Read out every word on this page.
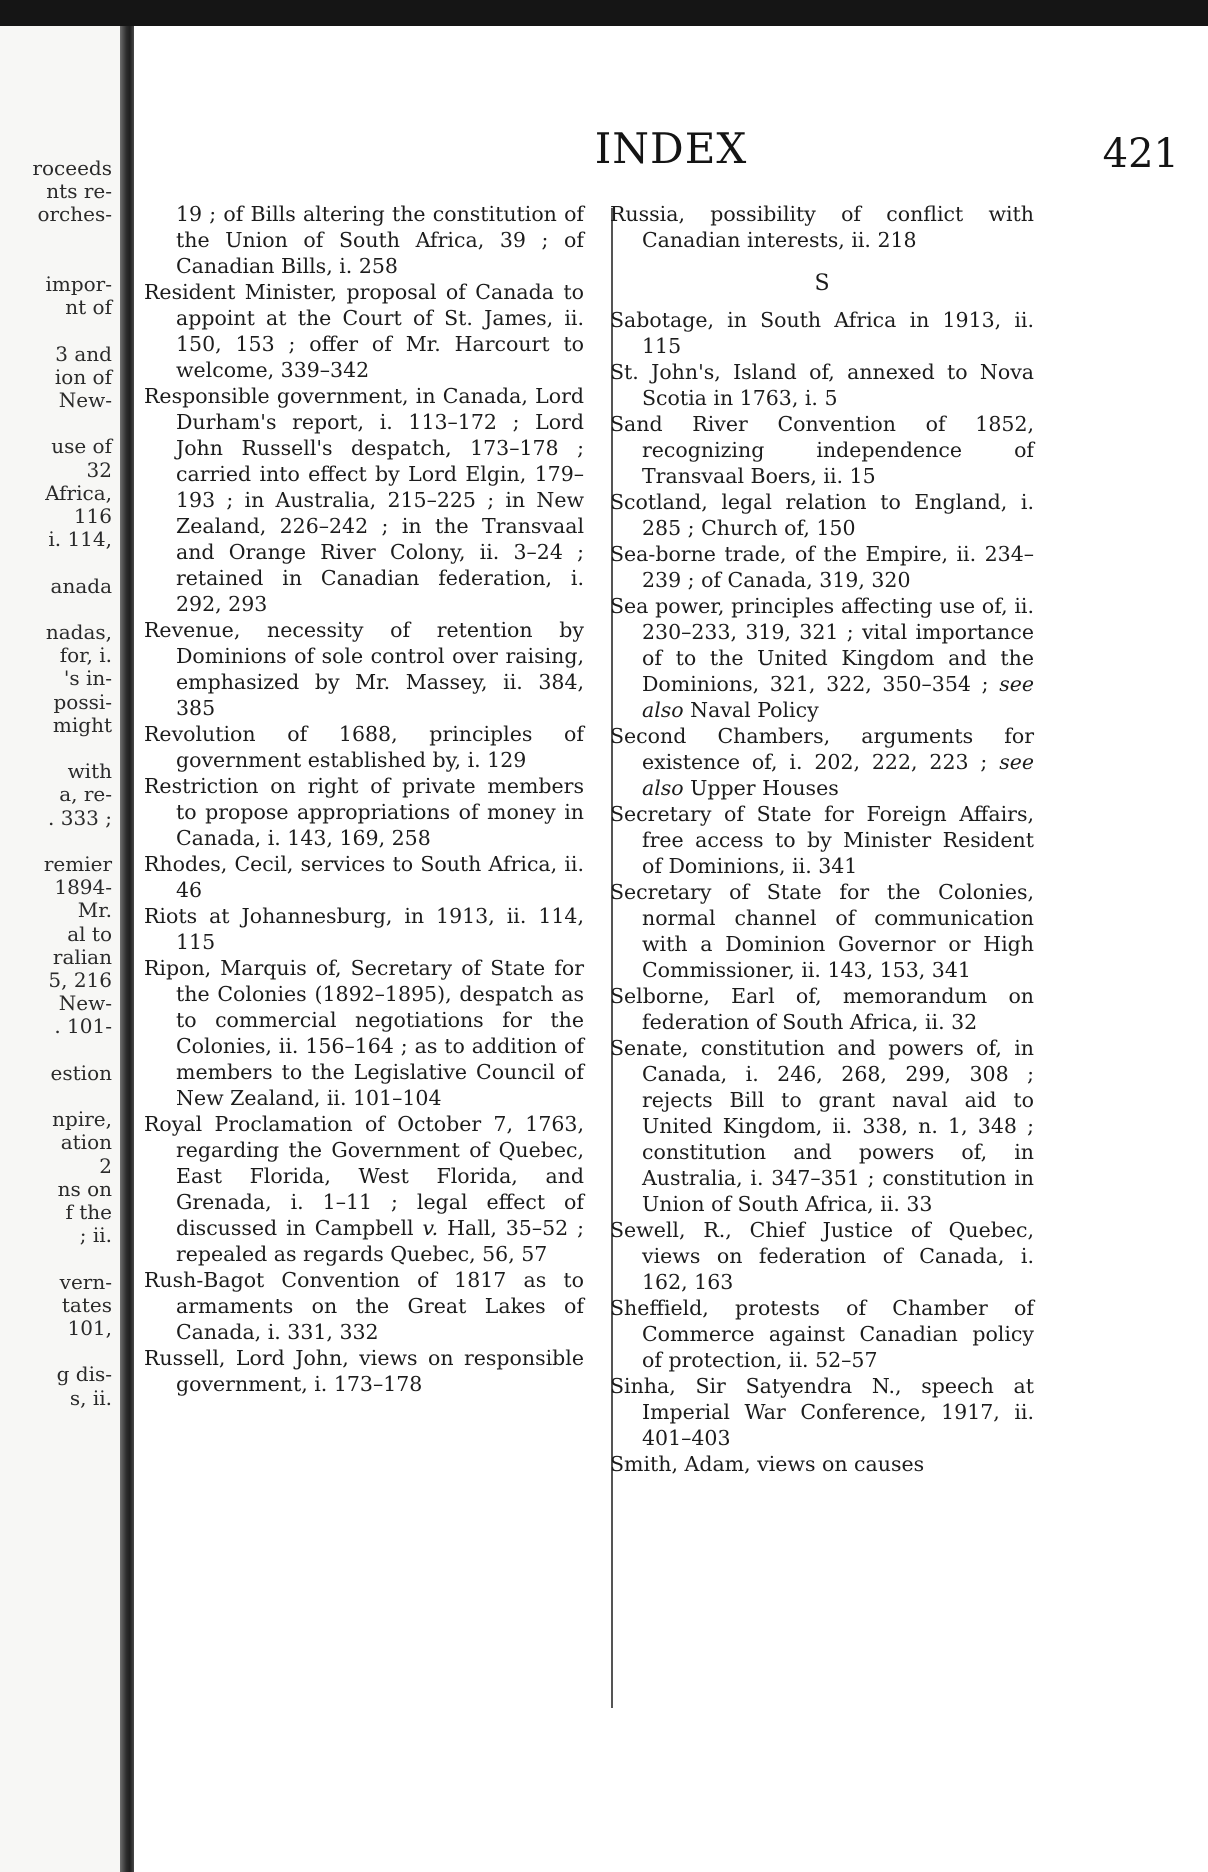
roceeds
nts re-
orches-
impor-
nt of
3 and
ion of
New-
use of
32
Africa,
116
i. 114,
anada
nadas,
for, i.
's in-
possi-
might
with
a, re-
. 333 ;
remier
1894-
Mr.
al to
ralian
5, 216
New-
. 101-
estion
npire,
ation
2
ns on
f the
; ii.
vern-
tates
101,
g dis-
s, ii.
INDEX	421

19 ; of Bills altering the constitution of the Union of South Africa, 39 ; of Canadian Bills, i. 258

Resident Minister, proposal of Canada to appoint at the Court of St. James, ii. 150, 153 ; offer of Mr. Harcourt to welcome, 339–342

Responsible government, in Canada, Lord Durham's report, i. 113–172 ; Lord John Russell's despatch, 173–178 ; carried into effect by Lord Elgin, 179–193 ; in Australia, 215–225 ; in New Zealand, 226–242 ; in the Transvaal and Orange River Colony, ii. 3–24 ; retained in Canadian federation, i. 292, 293

Revenue, necessity of retention by Dominions of sole control over raising, emphasized by Mr. Massey, ii. 384, 385

Revolution of 1688, principles of government established by, i. 129

Restriction on right of private members to propose appropriations of money in Canada, i. 143, 169, 258

Rhodes, Cecil, services to South Africa, ii. 46

Riots at Johannesburg, in 1913, ii. 114, 115

Ripon, Marquis of, Secretary of State for the Colonies (1892–1895), despatch as to commercial negotiations for the Colonies, ii. 156–164 ; as to addition of members to the Legislative Council of New Zealand, ii. 101–104

Royal Proclamation of October 7, 1763, regarding the Government of Quebec, East Florida, West Florida, and Grenada, i. 1–11 ; legal effect of discussed in Campbell v. Hall, 35–52 ; repealed as regards Quebec, 56, 57

Rush-Bagot Convention of 1817 as to armaments on the Great Lakes of Canada, i. 331, 332

Russell, Lord John, views on responsible government, i. 173–178

Russia, possibility of conflict with Canadian interests, ii. 218

S

Sabotage, in South Africa in 1913, ii. 115

St. John's, Island of, annexed to Nova Scotia in 1763, i. 5

Sand River Convention of 1852, recognizing independence of Transvaal Boers, ii. 15

Scotland, legal relation to England, i. 285 ; Church of, 150

Sea-borne trade, of the Empire, ii. 234–239 ; of Canada, 319, 320

Sea power, principles affecting use of, ii. 230–233, 319, 321 ; vital importance of to the United Kingdom and the Dominions, 321, 322, 350–354 ; see also Naval Policy

Second Chambers, arguments for existence of, i. 202, 222, 223 ; see also Upper Houses

Secretary of State for Foreign Affairs, free access to by Minister Resident of Dominions, ii. 341

Secretary of State for the Colonies, normal channel of communication with a Dominion Governor or High Commissioner, ii. 143, 153, 341

Selborne, Earl of, memorandum on federation of South Africa, ii. 32

Senate, constitution and powers of, in Canada, i. 246, 268, 299, 308 ; rejects Bill to grant naval aid to United Kingdom, ii. 338, n. 1, 348 ; constitution and powers of, in Australia, i. 347–351 ; constitution in Union of South Africa, ii. 33

Sewell, R., Chief Justice of Quebec, views on federation of Canada, i. 162, 163

Sheffield, protests of Chamber of Commerce against Canadian policy of protection, ii. 52–57

Sinha, Sir Satyendra N., speech at Imperial War Conference, 1917, ii. 401–403

Smith, Adam, views on causes
